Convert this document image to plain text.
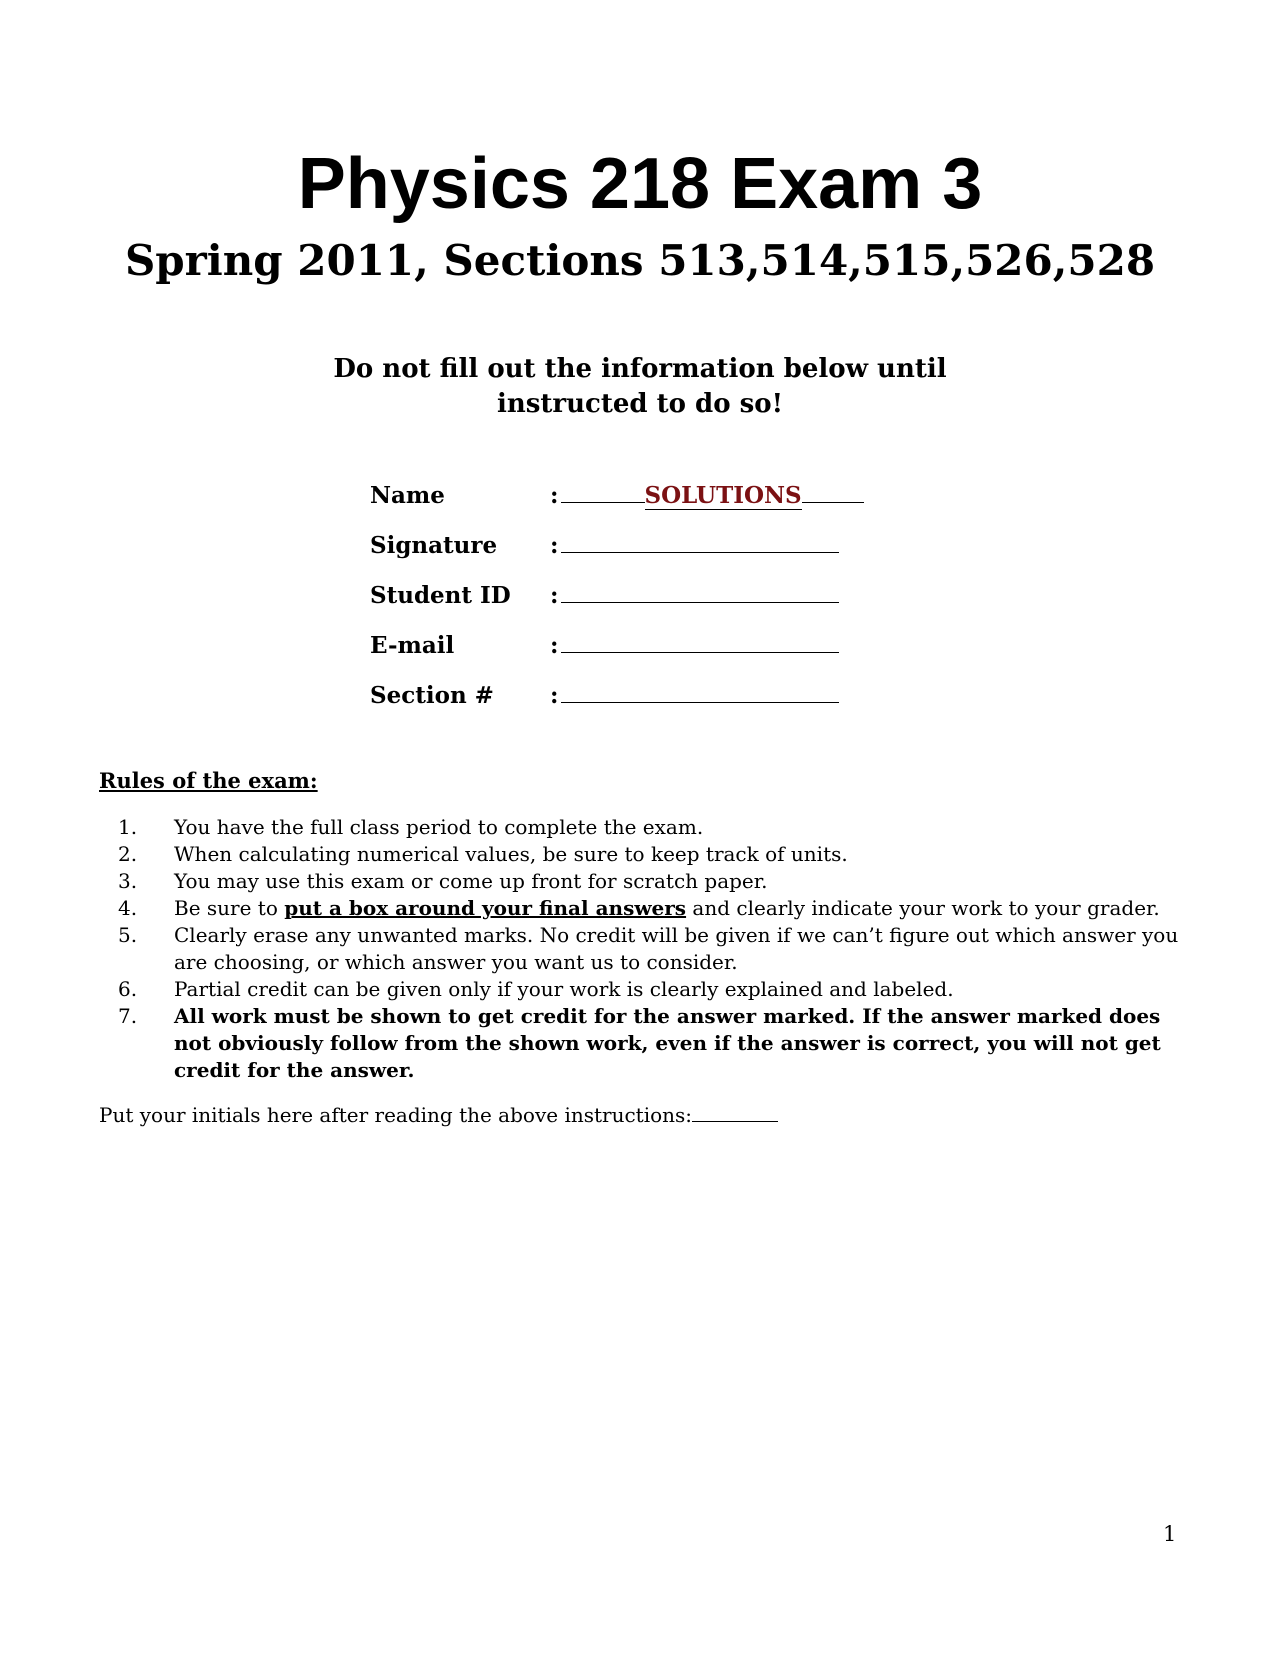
Physics 218 Exam 3
Spring 2011, Sections 513,514,515,526,528
Do not fill out the information below until
instructed to do so!
Name	:	SOLUTIONS
Signature	:
Student ID	:
E-mail	:
Section #	:
Rules of the exam:
1.	You have the full class period to complete the exam.
2.	When calculating numerical values, be sure to keep track of units.
3.	You may use this exam or come up front for scratch paper.
4.	Be sure to put a box around your final answers and clearly indicate your work to your grader.
5.	Clearly erase any unwanted marks. No credit will be given if we can’t figure out which answer you are choosing, or which answer you want us to consider.
6.	Partial credit can be given only if your work is clearly explained and labeled.
7.	All work must be shown to get credit for the answer marked. If the answer marked does not obviously follow from the shown work, even if the answer is correct, you will not get credit for the answer.
Put your initials here after reading the above instructions:
1
